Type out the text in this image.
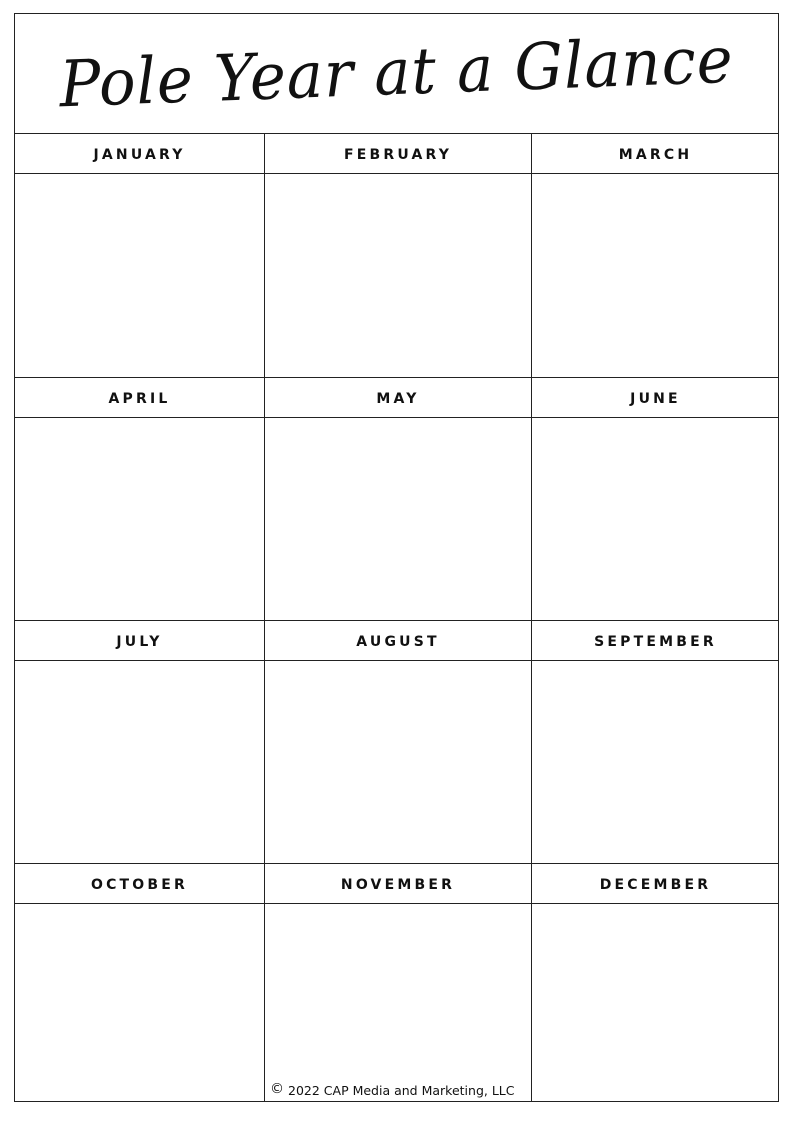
Pole Year at a Glance
JANUARY	FEBRUARY	MARCH
APRIL	MAY	JUNE
JULY	AUGUST	SEPTEMBER
OCTOBER	NOVEMBER	DECEMBER
© 2022 CAP Media and Marketing, LLC
